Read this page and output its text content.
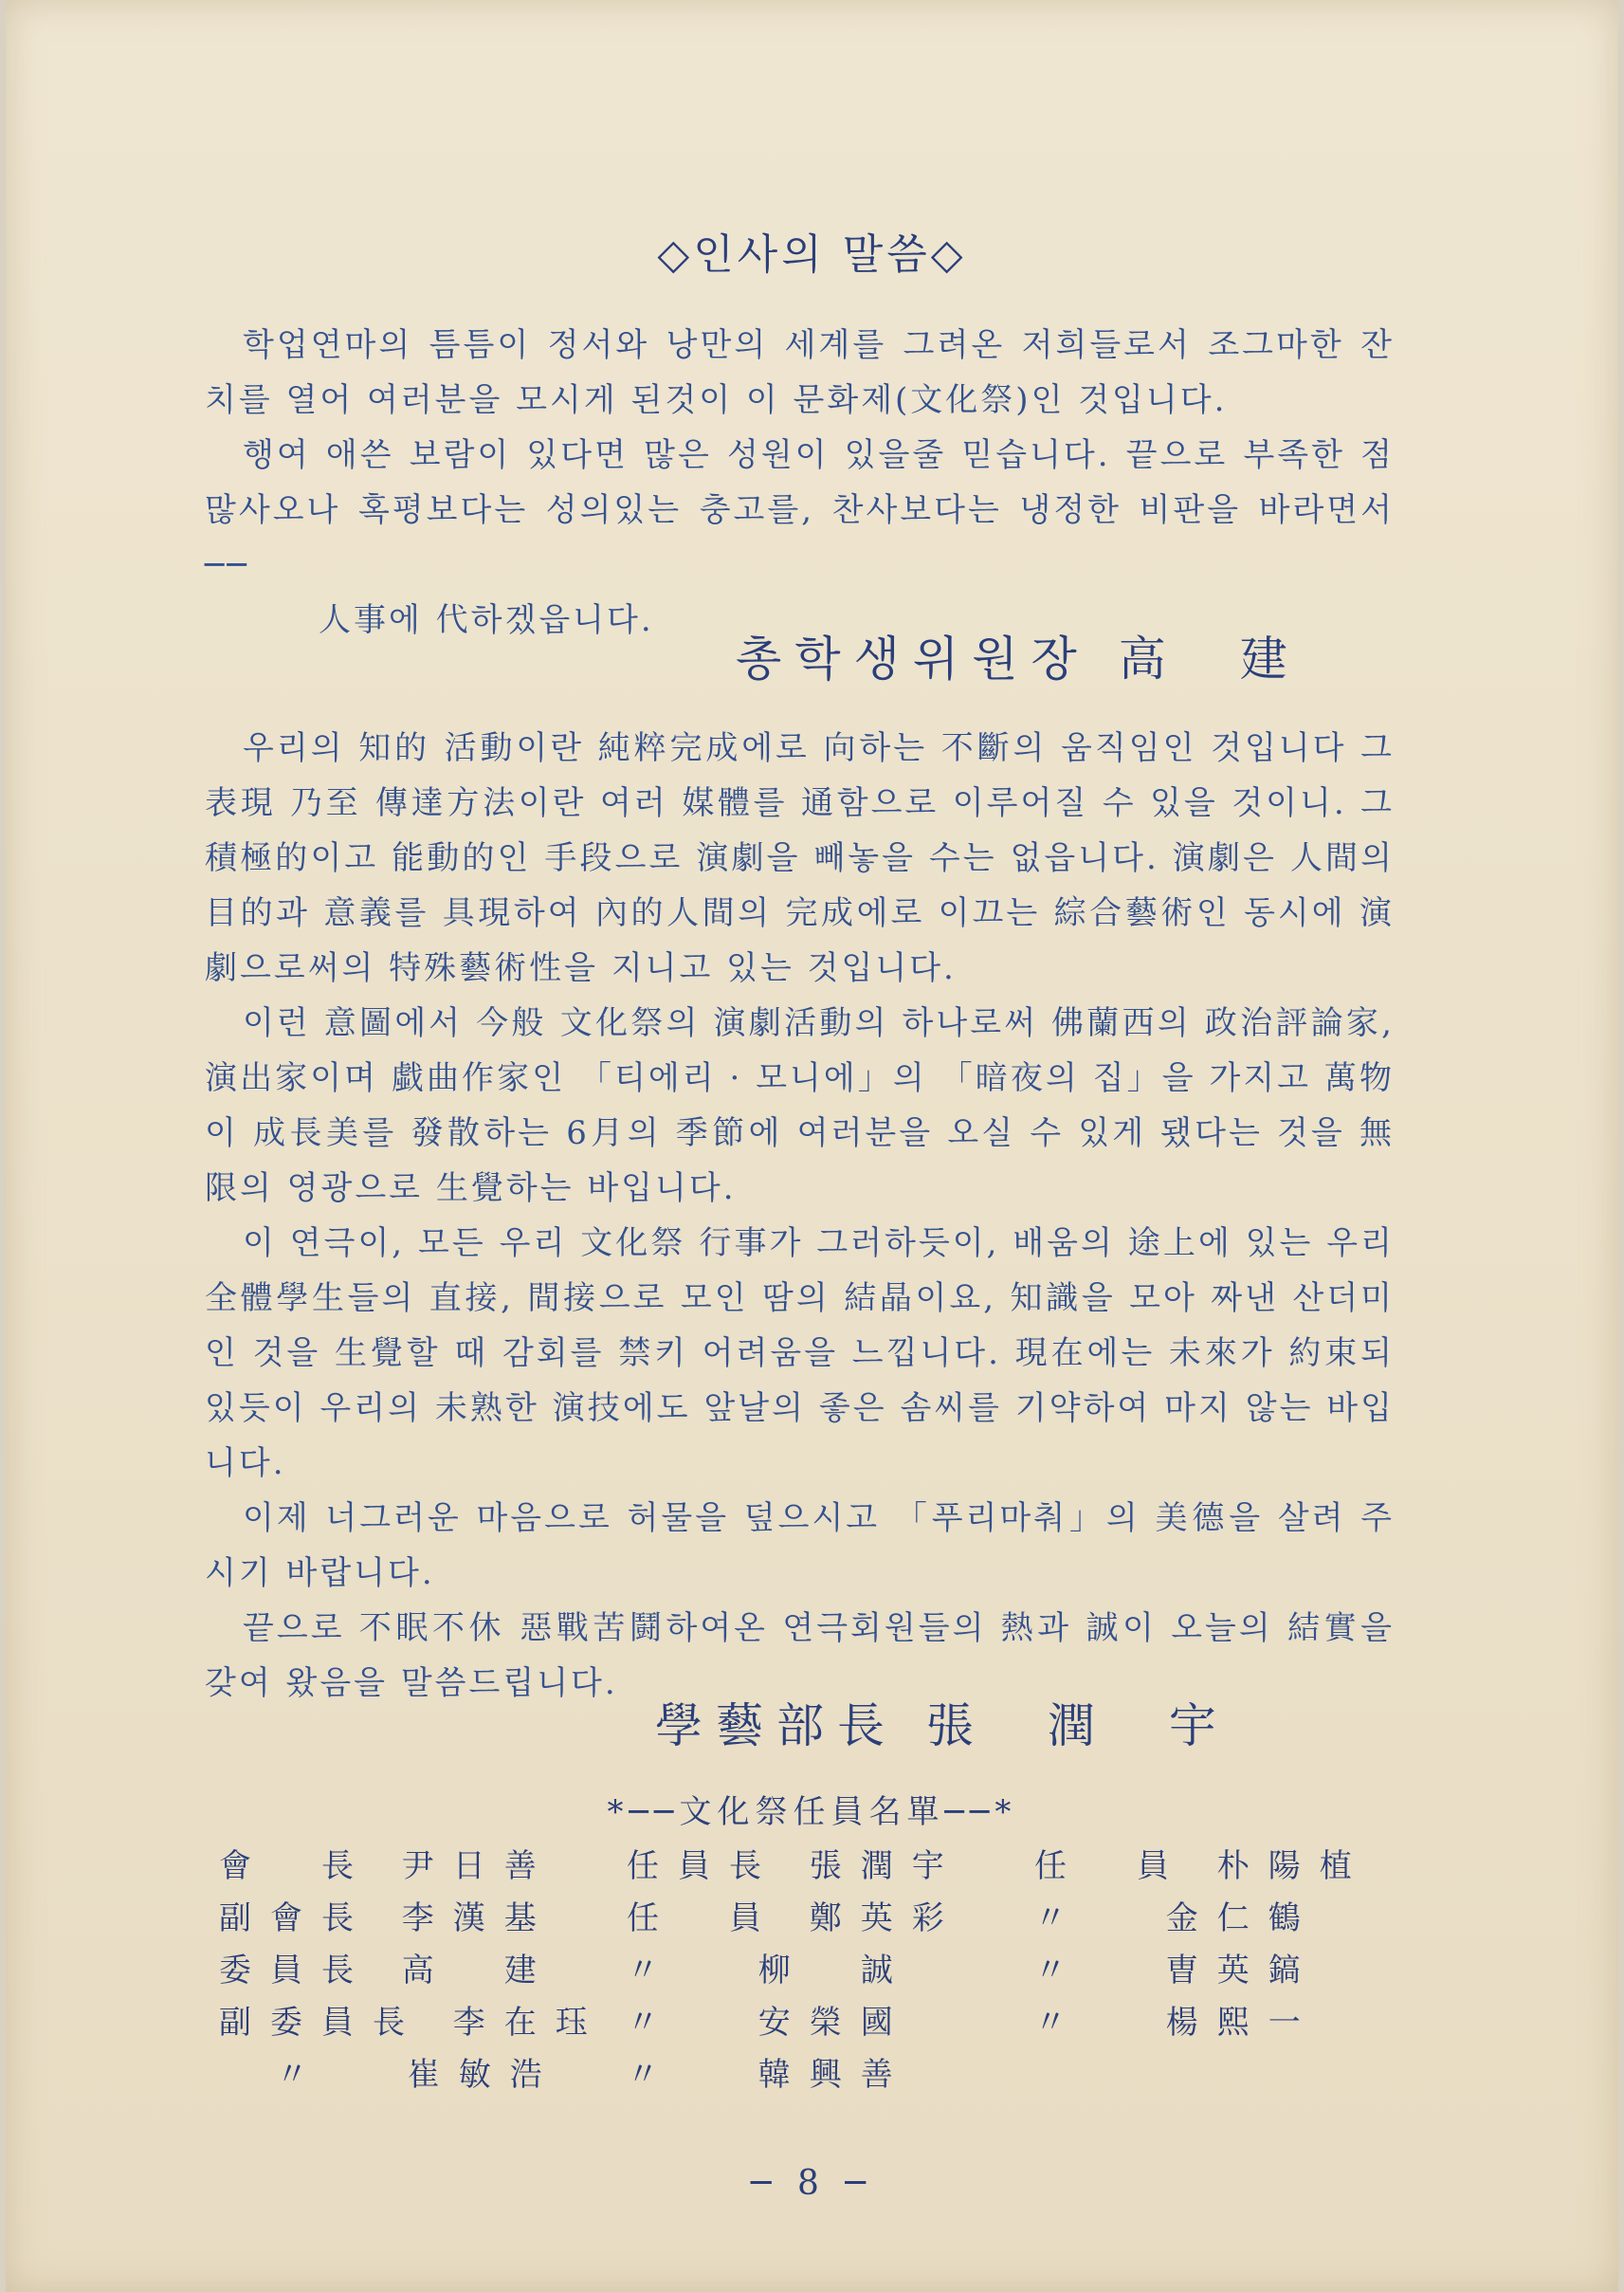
◇인사의 말씀◇

학업연마의 틈틈이 정서와 낭만의 세계를 그려온 저희들로서 조그마한 잔치를 열어 여러분을 모시게 된것이 이 문화제(文化祭)인 것입니다.

행여 애쓴 보람이 있다면 많은 성원이 있을줄 믿습니다. 끝으로 부족한 점 많사오나 혹평보다는 성의있는 충고를, 찬사보다는 냉정한 비판을 바라면서──

人事에 代하겠읍니다.

총학생위원장 高　建

우리의 知的 活動이란 純粹完成에로 向하는 不斷의 움직임인 것입니다 그 表現 乃至 傳達方法이란 여러 媒體를 通함으로 이루어질 수 있을 것이니. 그 積極的이고 能動的인 手段으로 演劇을 빼놓을 수는 없읍니다. 演劇은 人間의 目的과 意義를 具現하여 內的人間의 完成에로 이끄는 綜合藝術인 동시에 演劇으로써의 特殊藝術性을 지니고 있는 것입니다.

이런 意圖에서 今般 文化祭의 演劇活動의 하나로써 佛蘭西의 政治評論家, 演出家이며 戱曲作家인 「티에리 · 모니에」의 「暗夜의 집」을 가지고 萬物이 成長美를 發散하는 6月의 季節에 여러분을 오실 수 있게 됐다는 것을 無限의 영광으로 生覺하는 바입니다.

이 연극이, 모든 우리 文化祭 行事가 그러하듯이, 배움의 途上에 있는 우리 全體學生들의 直接, 間接으로 모인 땀의 結晶이요, 知識을 모아 짜낸 산더미인 것을 生覺할 때 감회를 禁키 어려움을 느낍니다. 現在에는 未來가 約束되 있듯이 우리의 未熟한 演技에도 앞날의 좋은 솜씨를 기약하여 마지 않는 바입니다.

이제 너그러운 마음으로 허물을 덮으시고 「푸리마춰」의 美德을 살려 주시기 바랍니다.

끝으로 不眠不休 惡戰苦鬪하여온 연극회원들의 熱과 誠이 오늘의 結實을 갖여 왔음을 말씀드립니다.

學藝部長 張　潤　宇
*──文化祭任員名單──*
會　長 尹日善 任員長 張潤宇 任　員 朴陽植
副會長 李漢基 任　員 鄭英彩 〃　 金仁鶴
委員長 高　建 〃　 柳　誠	〃　 曺英鎬
副委員長 李在珏 〃　 安榮國	〃　 楊熙一
〃　 崔敏浩 〃　 韓興善
─ 8 ─
